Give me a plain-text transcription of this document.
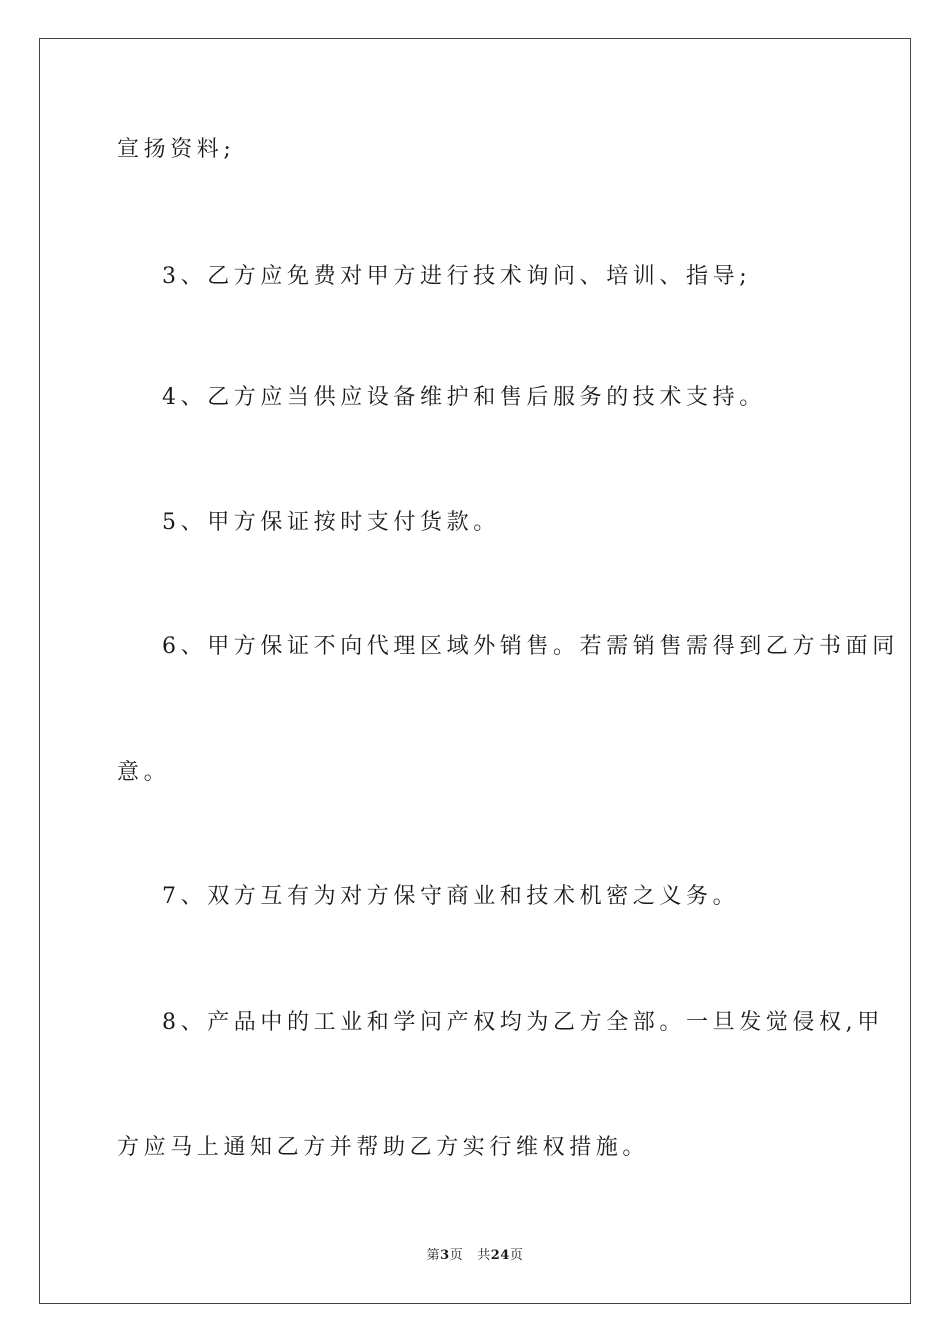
宣扬资料;
3、乙方应免费对甲方进行技术询问、培训、指导;
4、乙方应当供应设备维护和售后服务的技术支持。
5、甲方保证按时支付货款。
6、甲方保证不向代理区域外销售。若需销售需得到乙方书面同
意。
7、双方互有为对方保守商业和技术机密之义务。
8、产品中的工业和学问产权均为乙方全部。一旦发觉侵权,甲
方应马上通知乙方并帮助乙方实行维权措施。
第3页 共24页
